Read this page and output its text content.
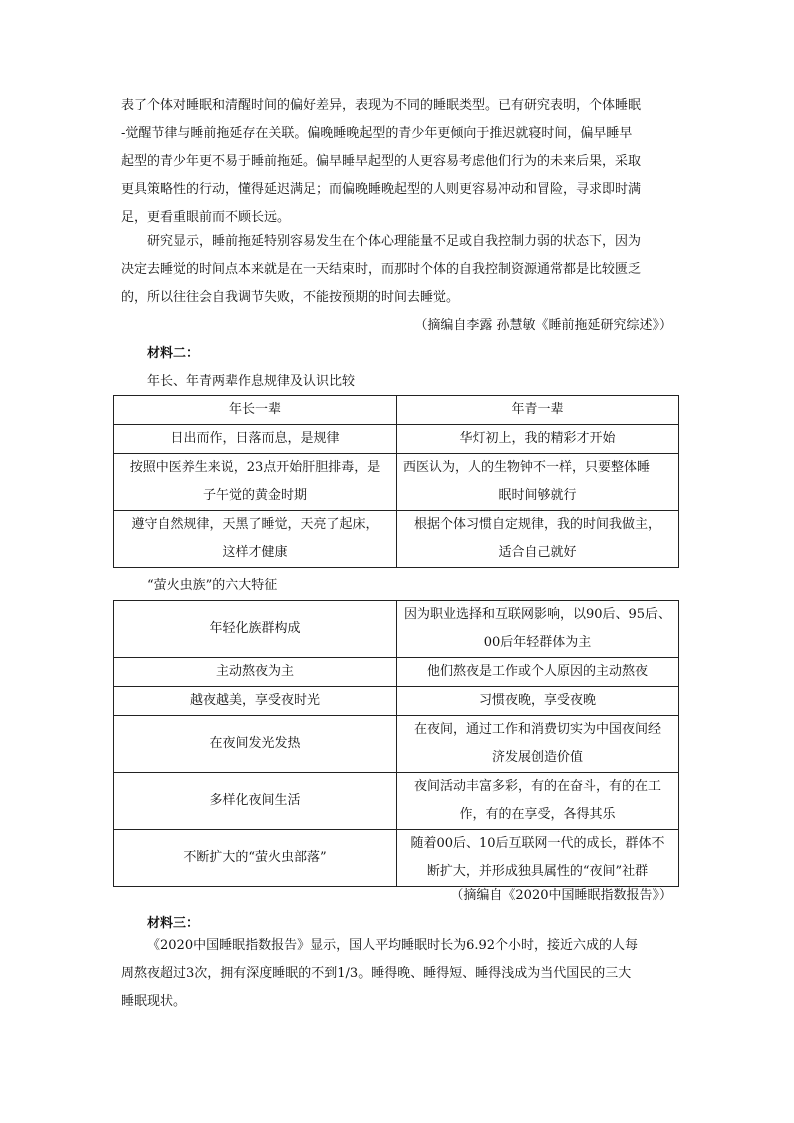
表了个体对睡眠和清醒时间的偏好差异，表现为不同的睡眠类型。已有研究表明，个体睡眠
-觉醒节律与睡前拖延存在关联。偏晚睡晚起型的青少年更倾向于推迟就寝时间，偏早睡早
起型的青少年更不易于睡前拖延。偏早睡早起型的人更容易考虑他们行为的未来后果，采取
更具策略性的行动，懂得延迟满足；而偏晚睡晚起型的人则更容易冲动和冒险，寻求即时满
足，更看重眼前而不顾长远。

研究显示，睡前拖延特别容易发生在个体心理能量不足或自我控制力弱的状态下，因为
决定去睡觉的时间点本来就是在一天结束时，而那时个体的自我控制资源通常都是比较匮乏
的，所以往往会自我调节失败，不能按预期的时间去睡觉。

（摘编自李露 孙慧敏《睡前拖延研究综述》）
材料二：
年长、年青两辈作息规律及认识比较
年长一辈	年青一辈

日出而作，日落而息，是规律	华灯初上，我的精彩才开始

按照中医养生来说，23点开始肝胆排毒，是
子午觉的黄金时期	西医认为，人的生物钟不一样，只要整体睡
眠时间够就行

遵守自然规律，天黑了睡觉，天亮了起床，
这样才健康	根据个体习惯自定规律，我的时间我做主，
适合自己就好
“萤火虫族”的六大特征
年轻化族群构成	因为职业选择和互联网影响，以90后、95后、
00后年轻群体为主

主动熬夜为主	他们熬夜是工作或个人原因的主动熬夜

越夜越美，享受夜时光	习惯夜晚，享受夜晚

在夜间发光发热	在夜间，通过工作和消费切实为中国夜间经
济发展创造价值

多样化夜间生活	夜间活动丰富多彩，有的在奋斗，有的在工
作，有的在享受，各得其乐

不断扩大的“萤火虫部落”	随着00后、10后互联网一代的成长，群体不
断扩大，并形成独具属性的“夜间”社群
（摘编自《2020中国睡眠指数报告》）
材料三：

《2020中国睡眠指数报告》显示，国人平均睡眠时长为6.92个小时，接近六成的人每
周熬夜超过3次，拥有深度睡眠的不到1/3。睡得晚、睡得短、睡得浅成为当代国民的三大
睡眠现状。
